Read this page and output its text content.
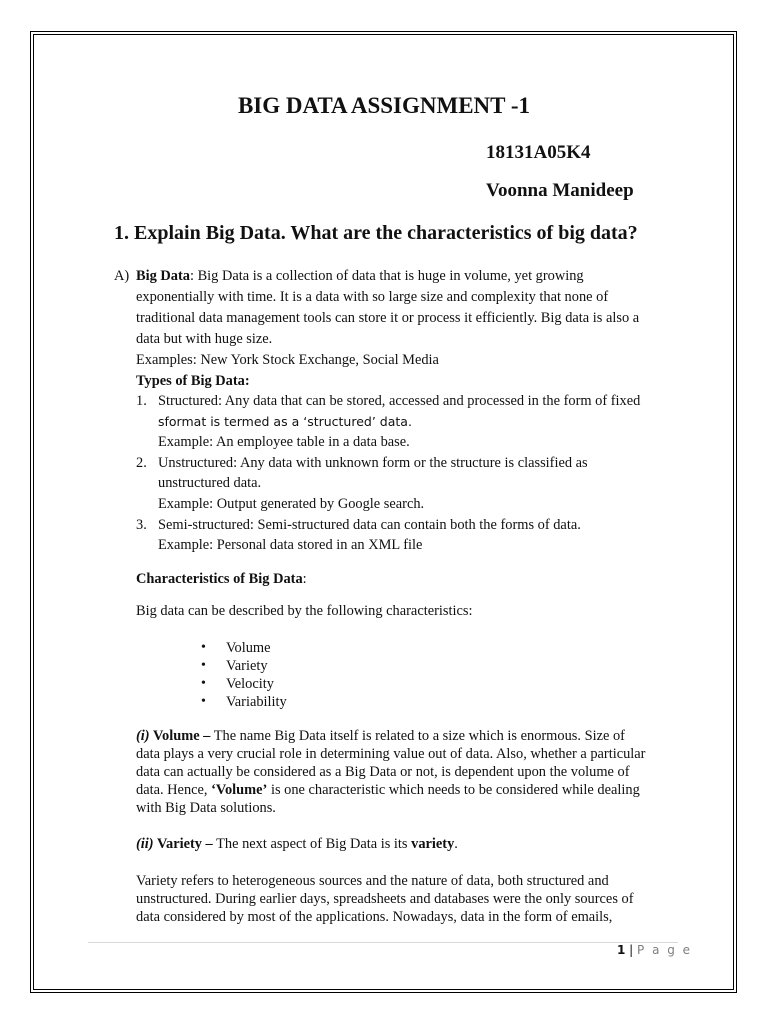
BIG DATA ASSIGNMENT -1
18131A05K4
Voonna Manideep
1. Explain Big Data. What are the characteristics of big data?
A) Big Data: Big Data is a collection of data that is huge in volume, yet growing
exponentially with time. It is a data with so large size and complexity that none of
traditional data management tools can store it or process it efficiently. Big data is also a
data but with huge size.
Examples: New York Stock Exchange, Social Media
Types of Big Data:
1. Structured: Any data that can be stored, accessed and processed in the form of fixed
sformat is termed as a ‘structured’ data.
Example: An employee table in a data base.
2. Unstructured: Any data with unknown form or the structure is classified as
unstructured data.
Example: Output generated by Google search.
3. Semi-structured: Semi-structured data can contain both the forms of data.
Example: Personal data stored in an XML file
Characteristics of Big Data:
Big data can be described by the following characteristics:
• Volume
• Variety
• Velocity
• Variability
(i) Volume – The name Big Data itself is related to a size which is enormous. Size of
data plays a very crucial role in determining value out of data. Also, whether a particular
data can actually be considered as a Big Data or not, is dependent upon the volume of
data. Hence, ‘Volume’ is one characteristic which needs to be considered while dealing
with Big Data solutions.
(ii) Variety – The next aspect of Big Data is its variety.
Variety refers to heterogeneous sources and the nature of data, both structured and
unstructured. During earlier days, spreadsheets and databases were the only sources of
data considered by most of the applications. Nowadays, data in the form of emails,
1 | P a g e
